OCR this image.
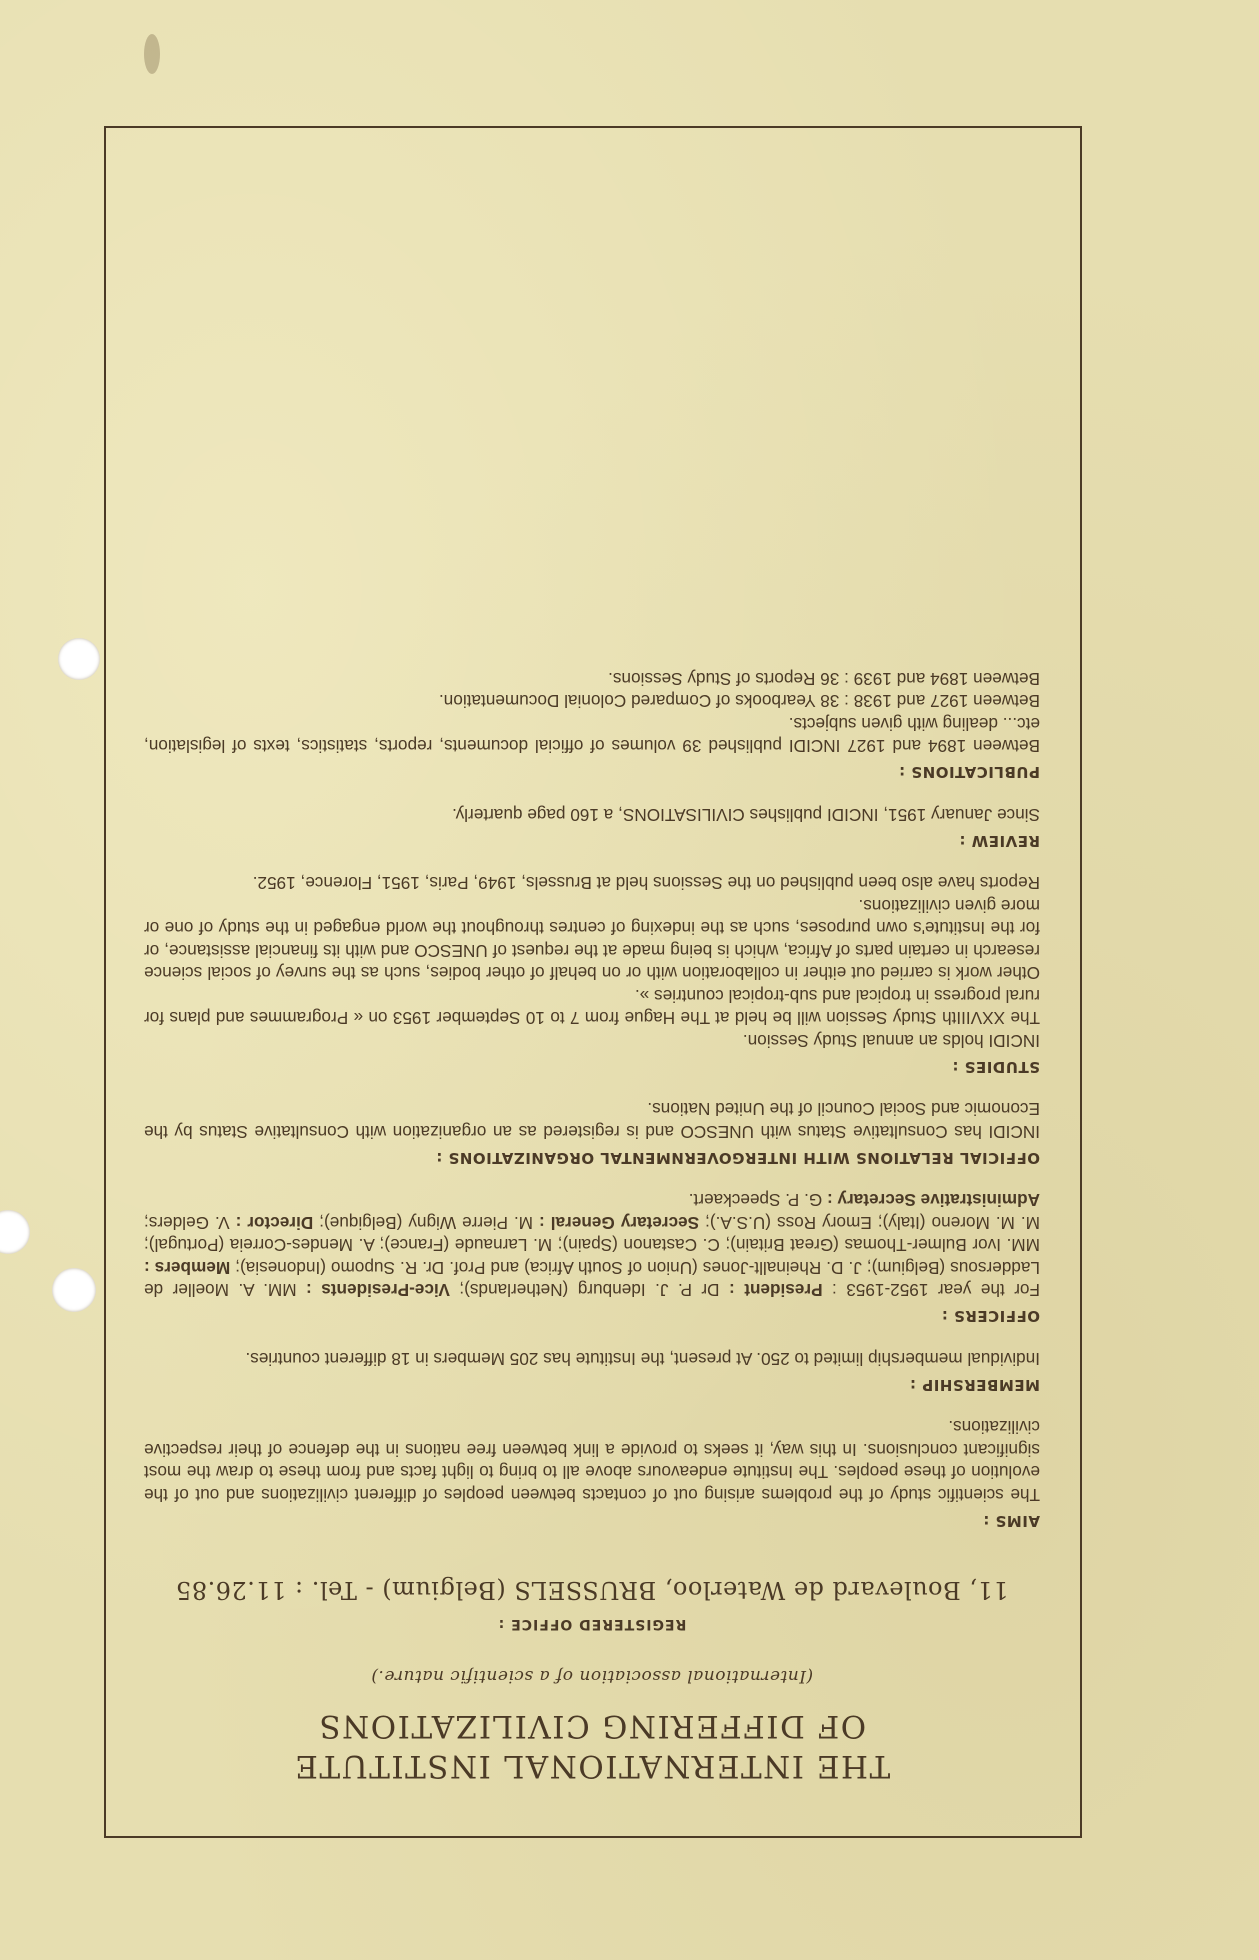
THE INTERNATIONAL INSTITUTE
OF DIFFERING CIVILIZATIONS

(International association of a scientific nature.)

REGISTERED OFFICE :

11, Boulevard de Waterloo, BRUSSELS (Belgium) - Tel. : 11.26.85

AIMS :

The scientific study of the problems arising out of contacts between peoples of different civilizations and out of the evolution of these peoples. The Institute endeavours above all to bring to light facts and from these to draw the most significant conclusions. In this way, it seeks to provide a link between free nations in the defence of their respective civilizations.

MEMBERSHIP :

Individual membership limited to 250. At present, the Institute has 205 Members in 18 different countries.

OFFICERS :

For the year 1952-1953 : President : Dr P. J. Idenburg (Netherlands); Vice-Presidents : MM. A. Moeller de Laddersous (Belgium); J. D. Rheinallt-Jones (Union of South Africa) and Prof. Dr. R. Supomo (Indonesia); Members : MM. Ivor Bulmer-Thomas (Great Britain); C. Castanon (Spain); M. Larnaude (France); A. Mendes-Correia (Portugal); M. M. Moreno (Italy); Emory Ross (U.S.A.); Secretary General : M. Pierre Wigny (Belgique); Director : V. Gelders; Administrative Secretary : G. P. Speeckaert.

OFFICIAL RELATIONS WITH INTERGOVERNMENTAL ORGANIZATIONS :

INCIDI has Consultative Status with UNESCO and is registered as an organization with Consultative Status by the Economic and Social Council of the United Nations.

STUDIES :

INCIDI holds an annual Study Session.

The XXVIIIth Study Session will be held at The Hague from 7 to 10 September 1953 on « Programmes and plans for rural progress in tropical and sub-tropical countries ».

Other work is carried out either in collaboration with or on behalf of other bodies, such as the survey of social science research in certain parts of Africa, which is being made at the request of UNESCO and with its financial assistance, or for the Institute's own purposes, such as the indexing of centres throughout the world engaged in the study of one or more given civilizations.

Reports have also been published on the Sessions held at Brussels, 1949, Paris, 1951, Florence, 1952.

REVIEW :

Since January 1951, INCIDI publishes CIVILISATIONS, a 160 page quarterly.

PUBLICATIONS :

Between 1894 and 1927 INCIDI published 39 volumes of official documents, reports, statistics, texts of legislation, etc... dealing with given subjects.

Between 1927 and 1938 : 38 Yearbooks of Compared Colonial Documentation.

Between 1894 and 1939 : 36 Reports of Study Sessions.
